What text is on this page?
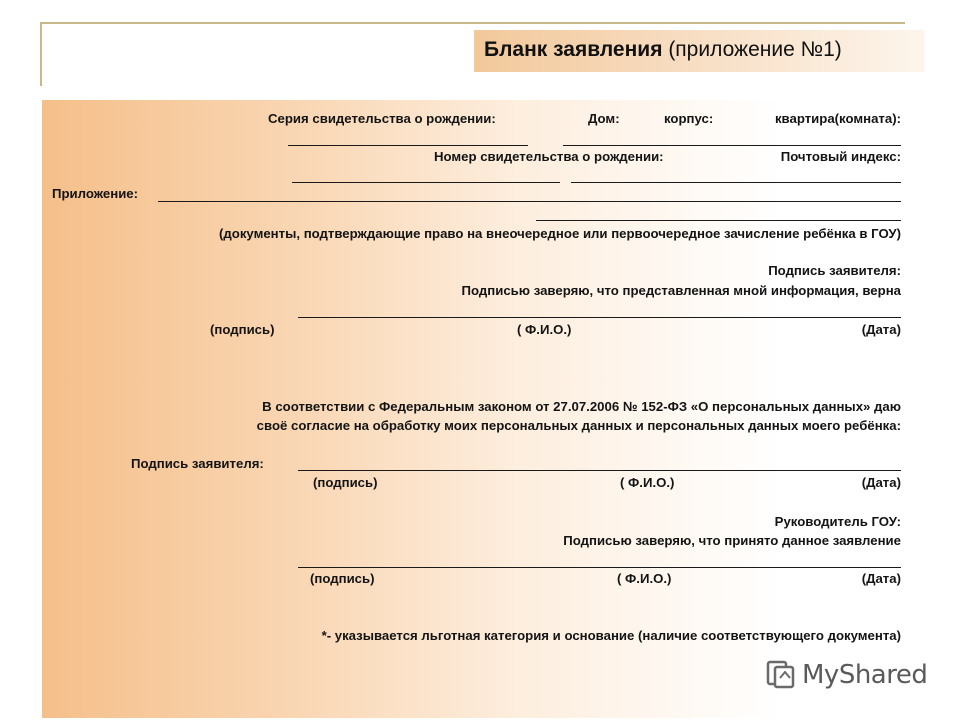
Бланк заявления (приложение №1)
Серия свидетельства о рождении:	Дом:	корпус:	квартира(комната):
Номер свидетельства о рождении:	Почтовый индекс:
Приложение:
(документы, подтверждающие право на внеочередное или первоочередное зачисление ребёнка в ГОУ)
Подпись заявителя:
Подписью заверяю, что представленная мной информация, верна
(подпись)	( Ф.И.О.)	(Дата)
В соответствии с Федеральным законом от 27.07.2006 № 152-ФЗ «О персональных данных» даю
своё согласие на обработку моих персональных данных и персональных данных моего ребёнка:
Подпись заявителя:
(подпись)	( Ф.И.О.)	(Дата)
Руководитель ГОУ:
Подписью заверяю, что принято данное заявление
(подпись)	( Ф.И.О.)	(Дата)
*- указывается льготная категория и основание (наличие соответствующего документа)
MyShared
